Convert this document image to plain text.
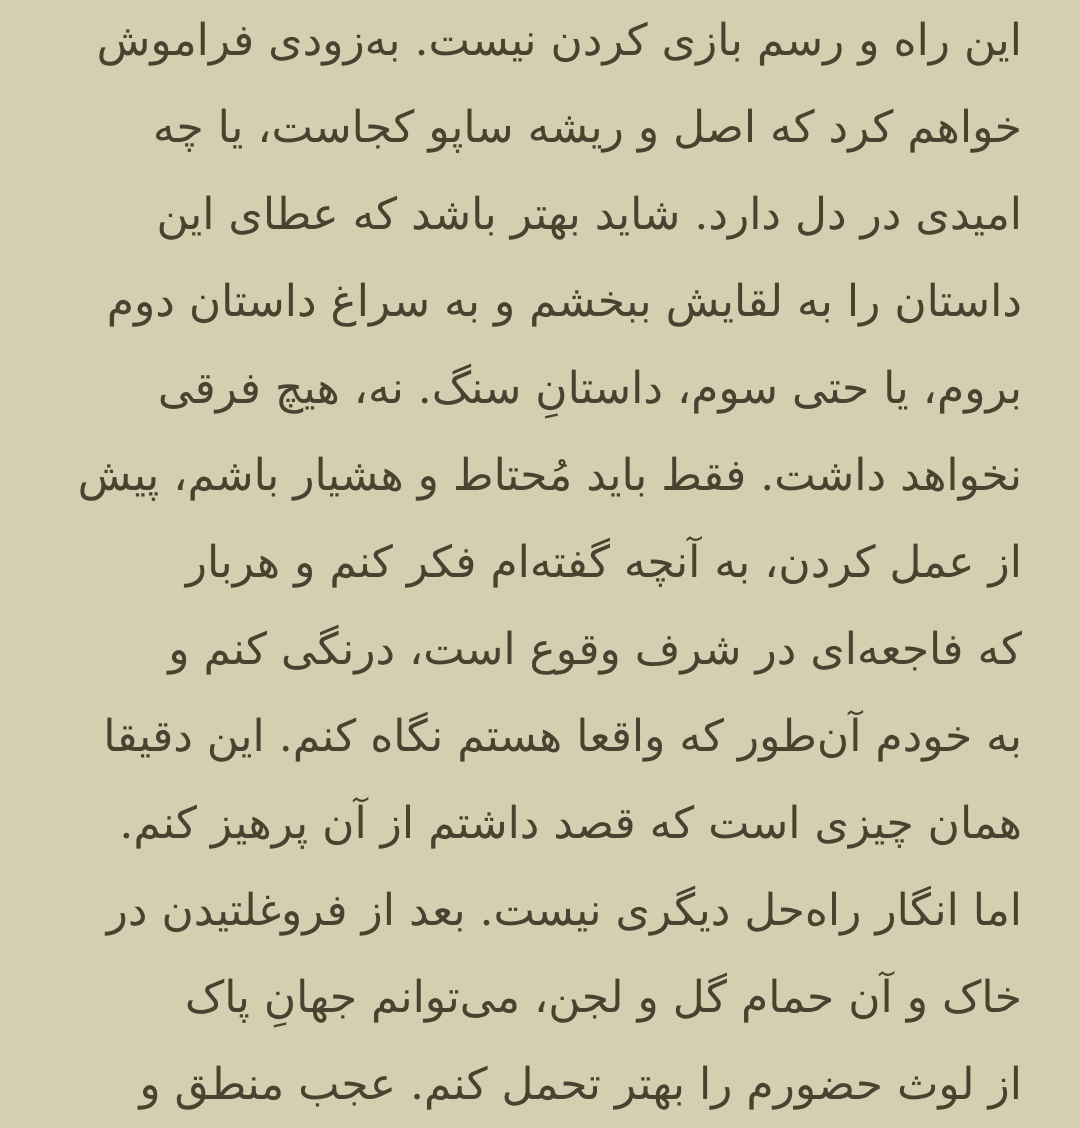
این راه و رسم بازی کردن نیست. به‌زودی فراموش
خواهم کرد که اصل و ریشه ساپو کجاست، یا چه
امیدی در دل دارد. شاید بهتر باشد که عطای این
داستان را به لقایش ببخشم و به سراغ داستان دوم
بروم، یا حتی سوم، داستانِ سنگ. نه، هیچ فرقی
نخواهد داشت. فقط باید مُحتاط و هشیار باشم، پیش
از عمل کردن، به آنچه گفته‌ام فکر کنم و هربار
که فاجعه‌ای در شرف وقوع است، درنگی کنم و
به خودم آن‌طور که واقعا هستم نگاه کنم. این دقیقا
همان چیزی است که قصد داشتم از آن پرهیز کنم.
اما انگار راه‌حل دیگری نیست. بعد از فروغلتیدن در
خاک و آن حمام گل و لجن، می‌توانم جهانِ پاک
از لوث حضورم را بهتر تحمل کنم. عجب منطق و
